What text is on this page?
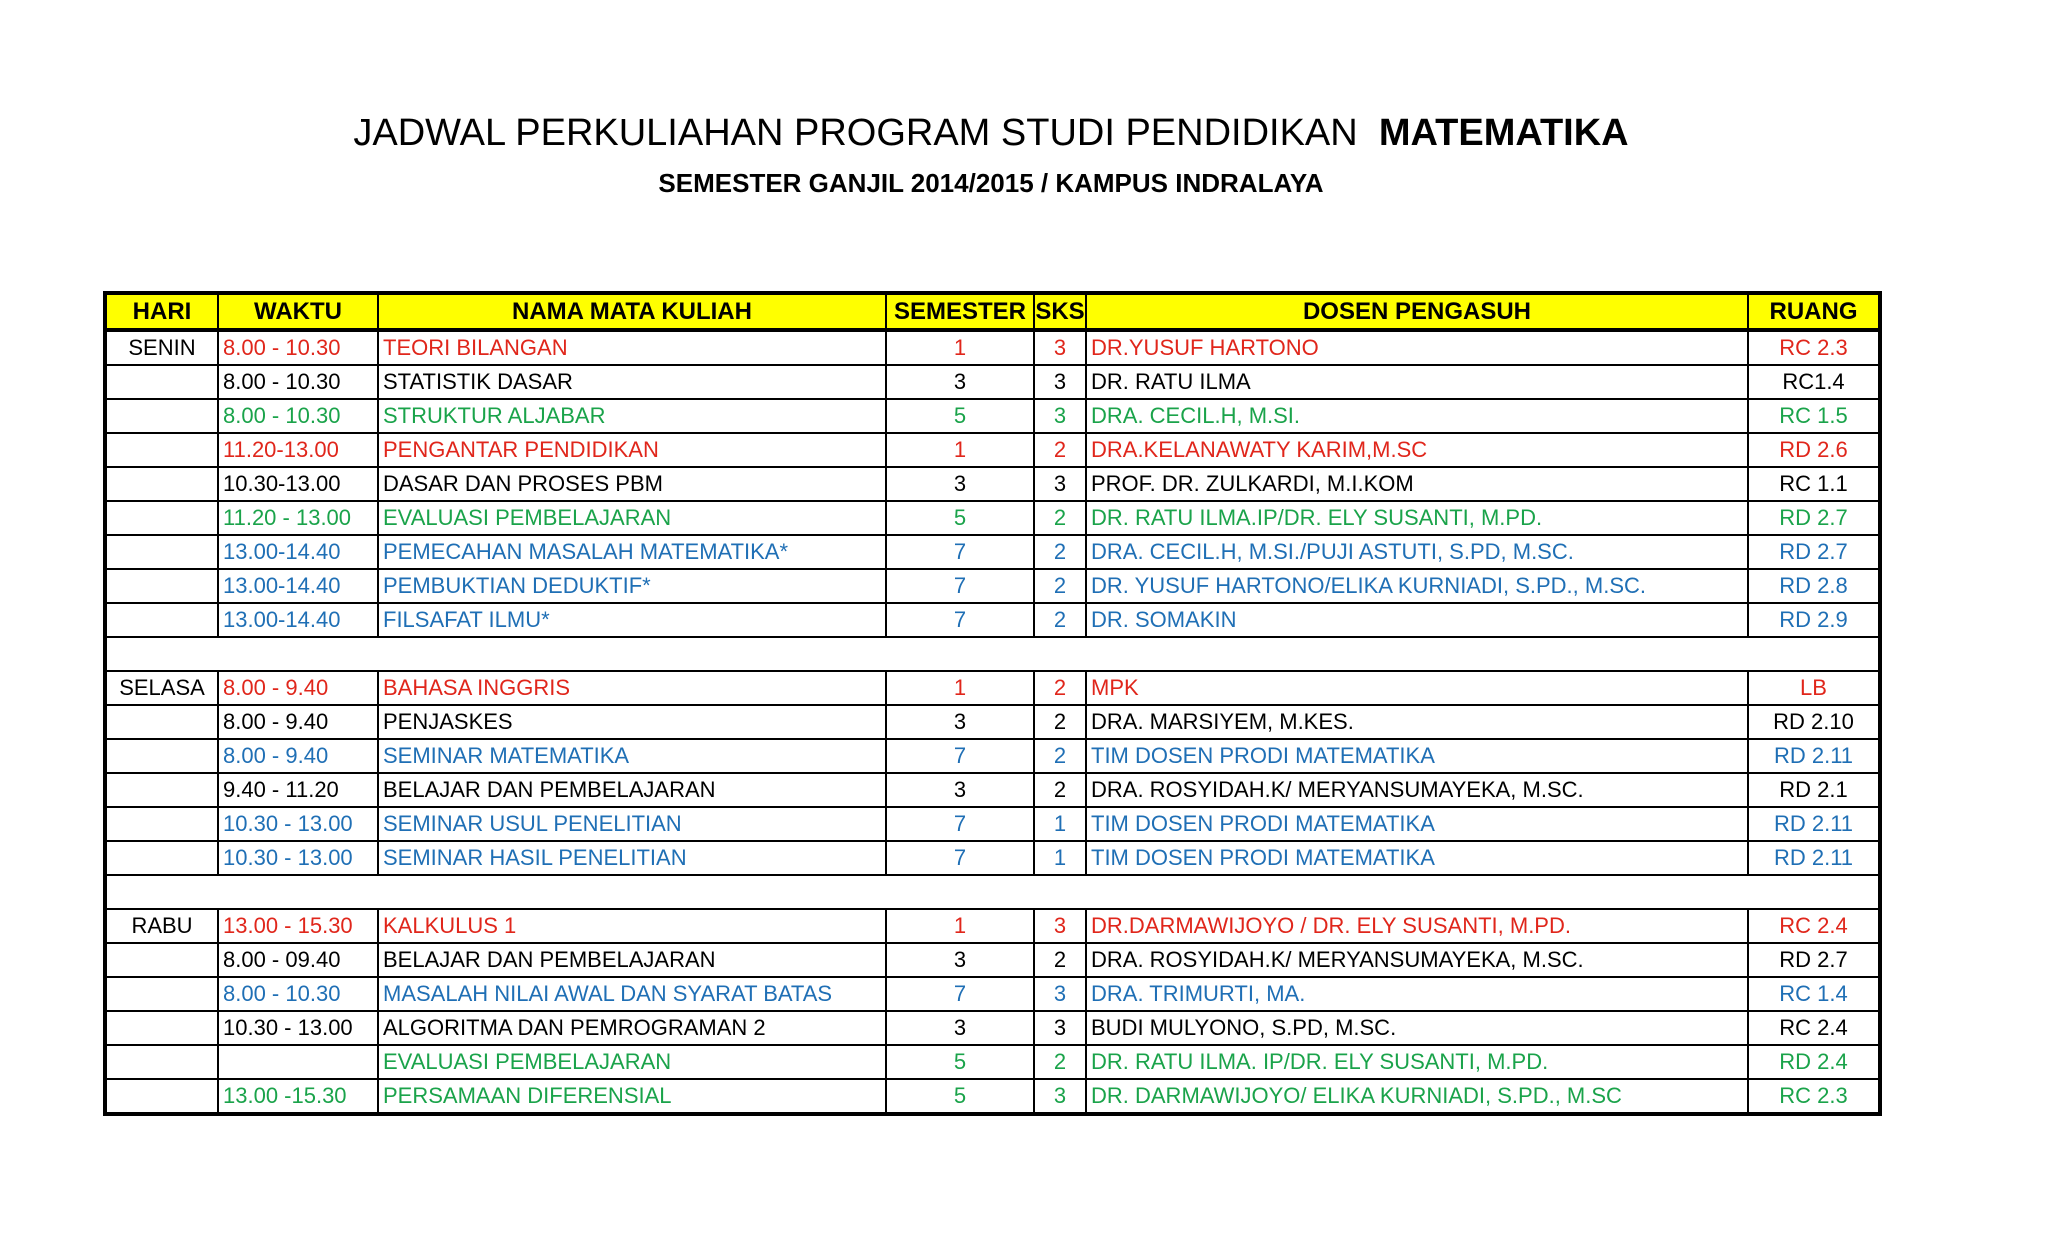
JADWAL PERKULIAHAN PROGRAM STUDI PENDIDIKAN MATEMATIKA
SEMESTER GANJIL 2014/2015 / KAMPUS INDRALAYA
HARI	WAKTU	NAMA MATA KULIAH	SEMESTER	SKS	DOSEN PENGASUH	RUANG
SENIN	8.00 - 10.30	TEORI BILANGAN	1	3	DR.YUSUF HARTONO	RC 2.3
	8.00 - 10.30	STATISTIK DASAR	3	3	DR. RATU ILMA	RC1.4
	8.00 - 10.30	STRUKTUR ALJABAR	5	3	DRA. CECIL.H, M.SI.	RC 1.5
	11.20-13.00	PENGANTAR PENDIDIKAN	1	2	DRA.KELANAWATY KARIM,M.SC	RD 2.6
	10.30-13.00	DASAR DAN PROSES PBM	3	3	PROF. DR. ZULKARDI, M.I.KOM	RC 1.1
	11.20 - 13.00	EVALUASI PEMBELAJARAN	5	2	DR. RATU ILMA.IP/DR. ELY SUSANTI, M.PD.	RD 2.7
	13.00-14.40	PEMECAHAN MASALAH MATEMATIKA*	7	2	DRA. CECIL.H, M.SI./PUJI ASTUTI, S.PD, M.SC.	RD 2.7
	13.00-14.40	PEMBUKTIAN DEDUKTIF*	7	2	DR. YUSUF HARTONO/ELIKA KURNIADI, S.PD., M.SC.	RD 2.8
	13.00-14.40	FILSAFAT ILMU*	7	2	DR. SOMAKIN	RD 2.9

SELASA	8.00 - 9.40	BAHASA INGGRIS	1	2	MPK	LB
	8.00 - 9.40	PENJASKES	3	2	DRA. MARSIYEM, M.KES.	RD 2.10
	8.00 - 9.40	SEMINAR MATEMATIKA	7	2	TIM DOSEN PRODI MATEMATIKA	RD 2.11
	9.40 - 11.20	BELAJAR DAN PEMBELAJARAN	3	2	DRA. ROSYIDAH.K/ MERYANSUMAYEKA, M.SC.	RD 2.1
	10.30 - 13.00	SEMINAR USUL PENELITIAN	7	1	TIM DOSEN PRODI MATEMATIKA	RD 2.11
	10.30 - 13.00	SEMINAR HASIL PENELITIAN	7	1	TIM DOSEN PRODI MATEMATIKA	RD 2.11

RABU	13.00 - 15.30	KALKULUS 1	1	3	DR.DARMAWIJOYO / DR. ELY SUSANTI, M.PD.	RC 2.4
	8.00 - 09.40	BELAJAR DAN PEMBELAJARAN	3	2	DRA. ROSYIDAH.K/ MERYANSUMAYEKA, M.SC.	RD 2.7
	8.00 - 10.30	MASALAH NILAI AWAL DAN SYARAT BATAS	7	3	DRA. TRIMURTI, MA.	RC 1.4
	10.30 - 13.00	ALGORITMA DAN PEMROGRAMAN 2	3	3	BUDI MULYONO, S.PD, M.SC.	RC 2.4
		EVALUASI PEMBELAJARAN	5	2	DR. RATU ILMA. IP/DR. ELY SUSANTI, M.PD.	RD 2.4
	13.00 -15.30	PERSAMAAN DIFERENSIAL	5	3	DR. DARMAWIJOYO/ ELIKA KURNIADI, S.PD., M.SC	RC 2.3
